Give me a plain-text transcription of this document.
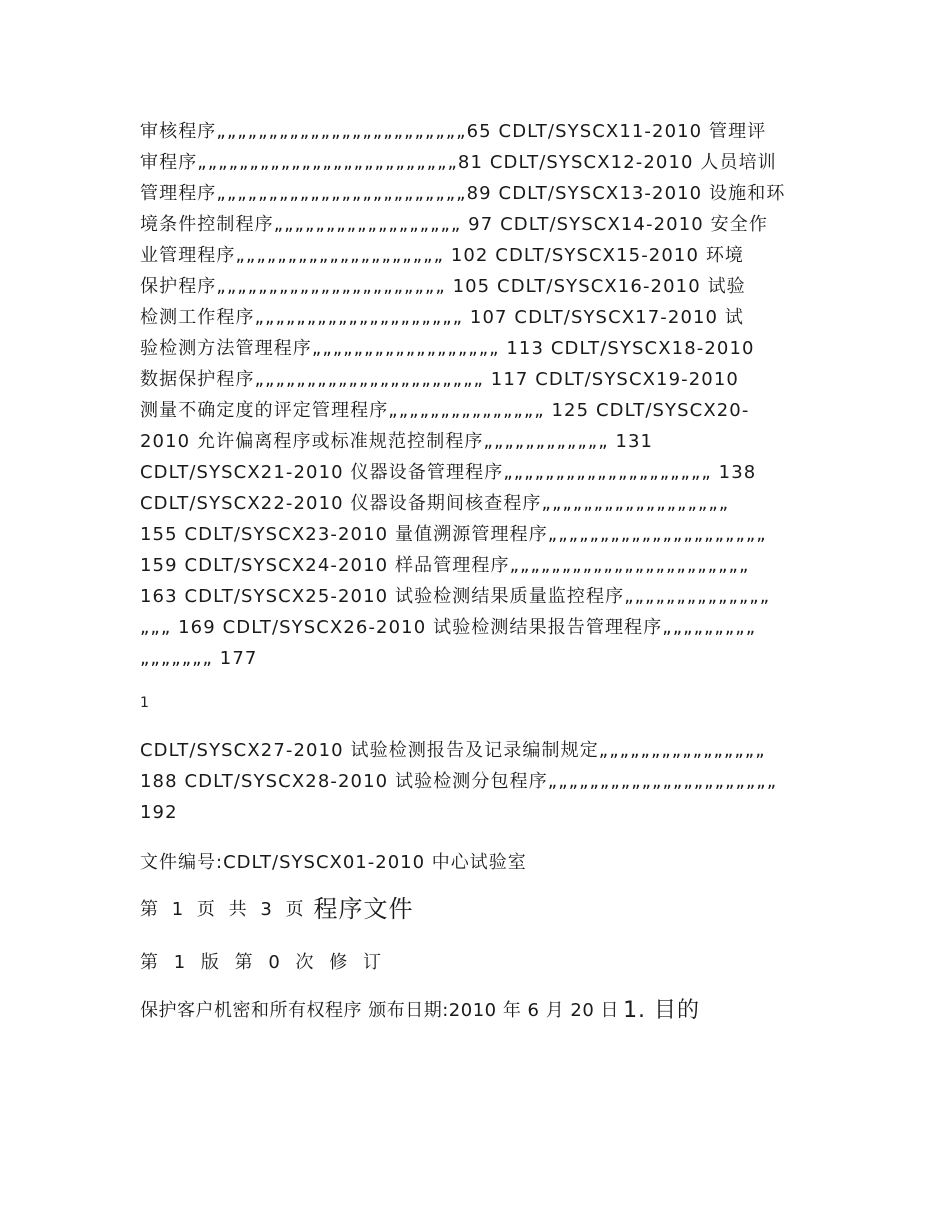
审核程序„„„„„„„„„„„„„„„„„„„„„„„„65 CDLT/SYSCX11-2010 管理评
审程序„„„„„„„„„„„„„„„„„„„„„„„„„81 CDLT/SYSCX12-2010 人员培训
管理程序„„„„„„„„„„„„„„„„„„„„„„„„89 CDLT/SYSCX13-2010 设施和环
境条件控制程序„„„„„„„„„„„„„„„„„„ 97 CDLT/SYSCX14-2010 安全作
业管理程序„„„„„„„„„„„„„„„„„„„„ 102 CDLT/SYSCX15-2010 环境
保护程序„„„„„„„„„„„„„„„„„„„„„„ 105 CDLT/SYSCX16-2010 试验
检测工作程序„„„„„„„„„„„„„„„„„„„„ 107 CDLT/SYSCX17-2010 试
验检测方法管理程序„„„„„„„„„„„„„„„„„„ 113 CDLT/SYSCX18-2010
数据保护程序„„„„„„„„„„„„„„„„„„„„„„ 117 CDLT/SYSCX19-2010
测量不确定度的评定管理程序„„„„„„„„„„„„„„„ 125 CDLT/SYSCX20-
2010 允许偏离程序或标准规范控制程序„„„„„„„„„„„„ 131
CDLT/SYSCX21-2010 仪器设备管理程序„„„„„„„„„„„„„„„„„„„„ 138
CDLT/SYSCX22-2010 仪器设备期间核查程序„„„„„„„„„„„„„„„„„„
155 CDLT/SYSCX23-2010 量值溯源管理程序„„„„„„„„„„„„„„„„„„„„„
159 CDLT/SYSCX24-2010 样品管理程序„„„„„„„„„„„„„„„„„„„„„„„
163 CDLT/SYSCX25-2010 试验检测结果质量监控程序„„„„„„„„„„„„„„
„„„ 169 CDLT/SYSCX26-2010 试验检测结果报告管理程序„„„„„„„„„
„„„„„„„ 177
1
CDLT/SYSCX27-2010 试验检测报告及记录编制规定„„„„„„„„„„„„„„„„
188 CDLT/SYSCX28-2010 试验检测分包程序„„„„„„„„„„„„„„„„„„„„„„
192
文件编号:CDLT/SYSCX01-2010 中心试验室
第 1 页 共 3 页 程序文件
第 1 版 第 0 次 修 订
保护客户机密和所有权程序 颁布日期:2010 年 6 月 20 日 1. 目的
